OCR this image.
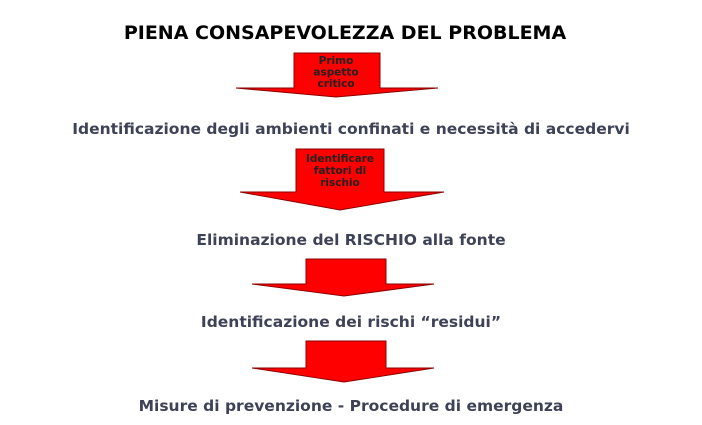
PIENA CONSAPEVOLEZZA DEL PROBLEMA
Primo
aspetto
critico

Identificazione degli ambienti confinati e necessità di accedervi

Identificare
fattori di
rischio

Eliminazione del RISCHIO alla fonte

Identificazione dei rischi “residui”

Misure di prevenzione - Procedure di emergenza
